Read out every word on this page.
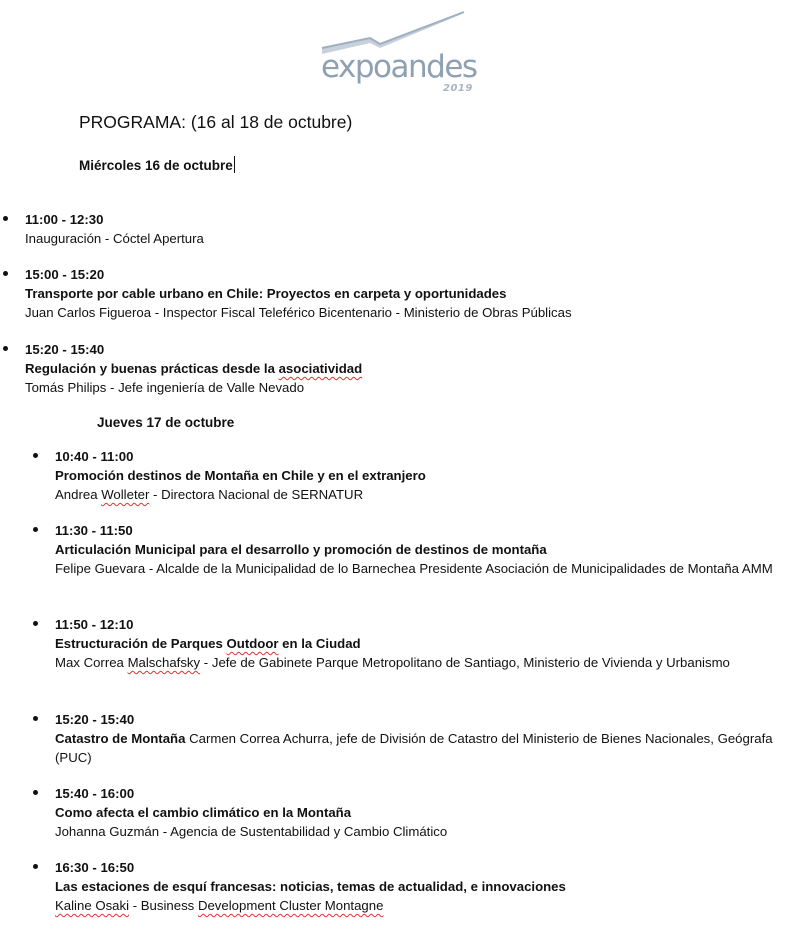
expoandes
2019
PROGRAMA: (16 al 18 de octubre)
Miércoles 16 de octubre
11:00 - 12:30
Inauguración - Cóctel Apertura
15:00 - 15:20
Transporte por cable urbano en Chile: Proyectos en carpeta y oportunidades
Juan Carlos Figueroa - Inspector Fiscal Teleférico Bicentenario - Ministerio de Obras Públicas
15:20 - 15:40
Regulación y buenas prácticas desde la asociatividad
Tomás Philips - Jefe ingeniería de Valle Nevado
Jueves 17 de octubre
10:40 - 11:00
Promoción destinos de Montaña en Chile y en el extranjero
Andrea Wolleter - Directora Nacional de SERNATUR
11:30 - 11:50
Articulación Municipal para el desarrollo y promoción de destinos de montaña
Felipe Guevara - Alcalde de la Municipalidad de lo Barnechea Presidente Asociación de Municipalidades de Montaña AMM
11:50 - 12:10
Estructuración de Parques Outdoor en la Ciudad
Max Correa Malschafsky - Jefe de Gabinete Parque Metropolitano de Santiago, Ministerio de Vivienda y Urbanismo
15:20 - 15:40
Catastro de Montaña Carmen Correa Achurra, jefe de División de Catastro del Ministerio de Bienes Nacionales, Geógrafa (PUC)
15:40 - 16:00
Como afecta el cambio climático en la Montaña
Johanna Guzmán - Agencia de Sustentabilidad y Cambio Climático
16:30 - 16:50
Las estaciones de esquí francesas: noticias, temas de actualidad, e innovaciones
Kaline Osaki - Business Development Cluster Montagne
